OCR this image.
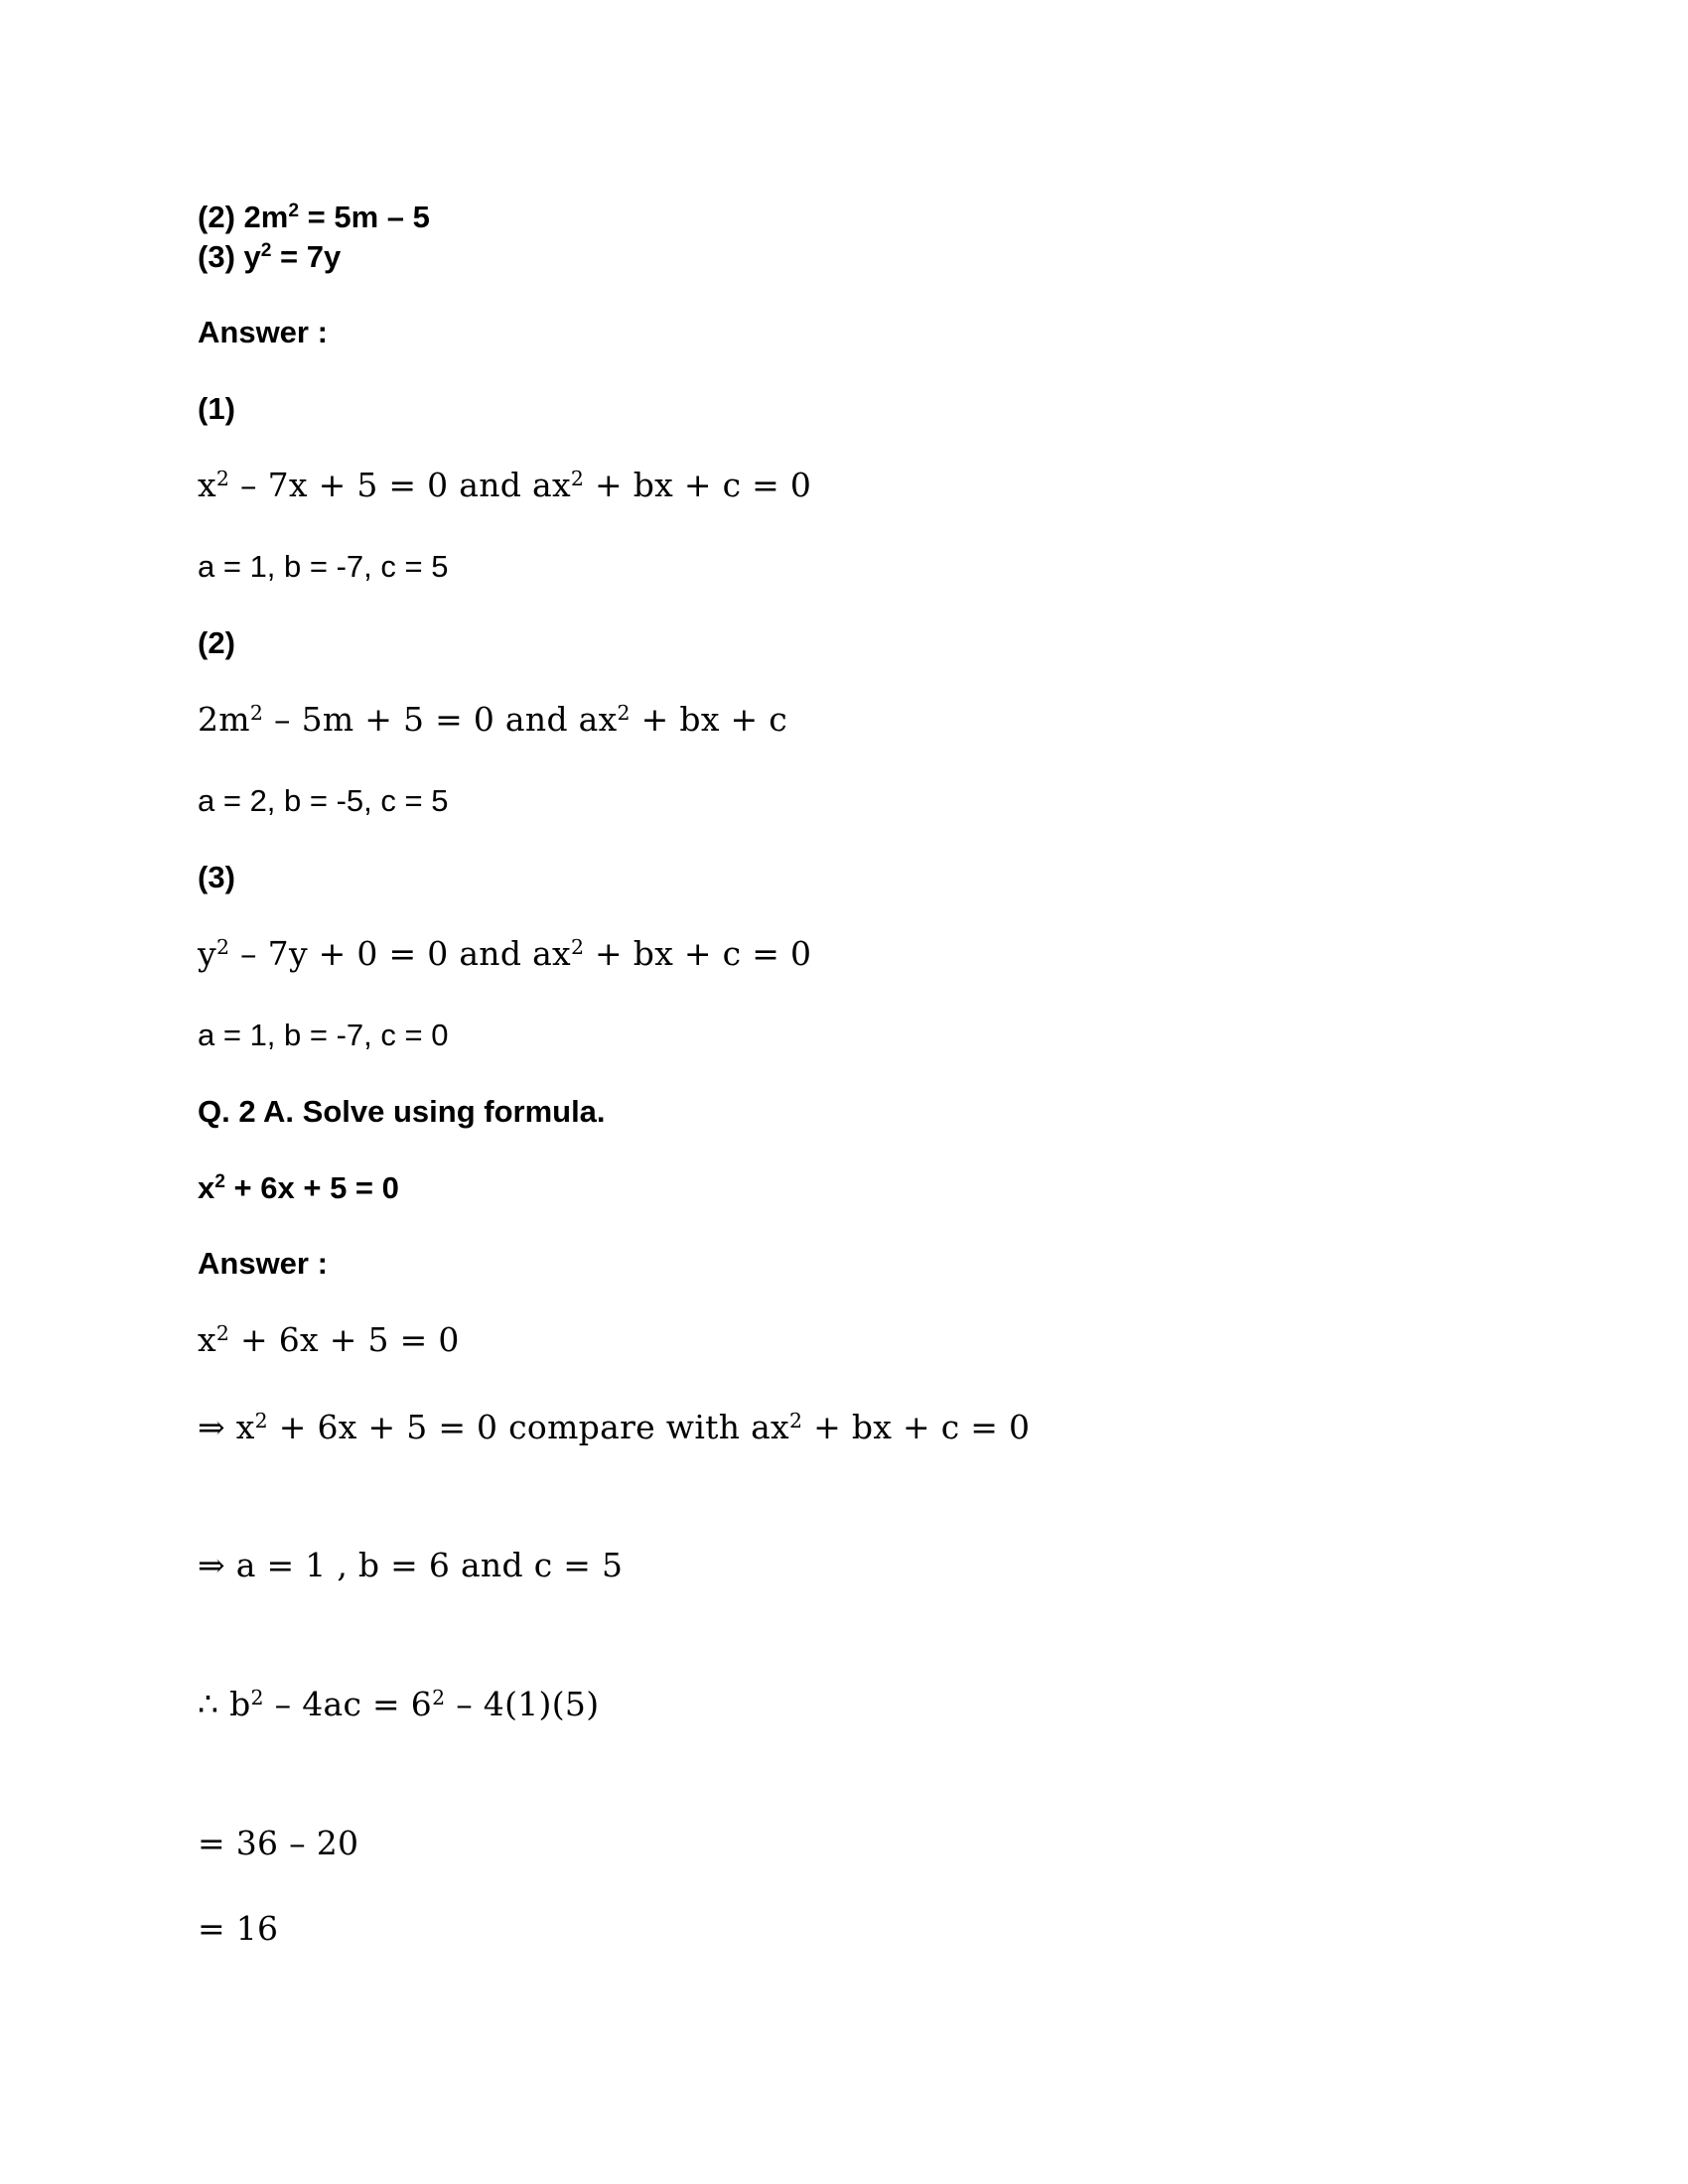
(2) $2m^2 = 5m - 5$
(3) $y^2 = 7y$
Answer :
(1)
$x^2 - 7x + 5 = 0$ and $ax^2$ + bx + c = 0
a = 1, b = -7, c = 5
(2)
$2m^2 - 5m + 5 = 0$ and $ax^2$ + bx + c
a = 2, b = -5, c = 5
(3)
$y^2 - 7y + 0 = 0$ and $ax^2$ + bx + c = 0
a = 1, b = -7, c = 0
Q. 2 A. Solve using formula.
$x^2 + 6x + 5 = 0$
Answer :
$x^2 + 6x + 5 = 0$
⇒ $x^2 + 6x + 5 = 0$ compare with $ax^2$ + bx + c = 0
⇒ a = 1 , b = 6 and c = 5
∴ $b^2 - 4ac = 6^2 - 4(1)(5)$
= 36 – 20
= 16
